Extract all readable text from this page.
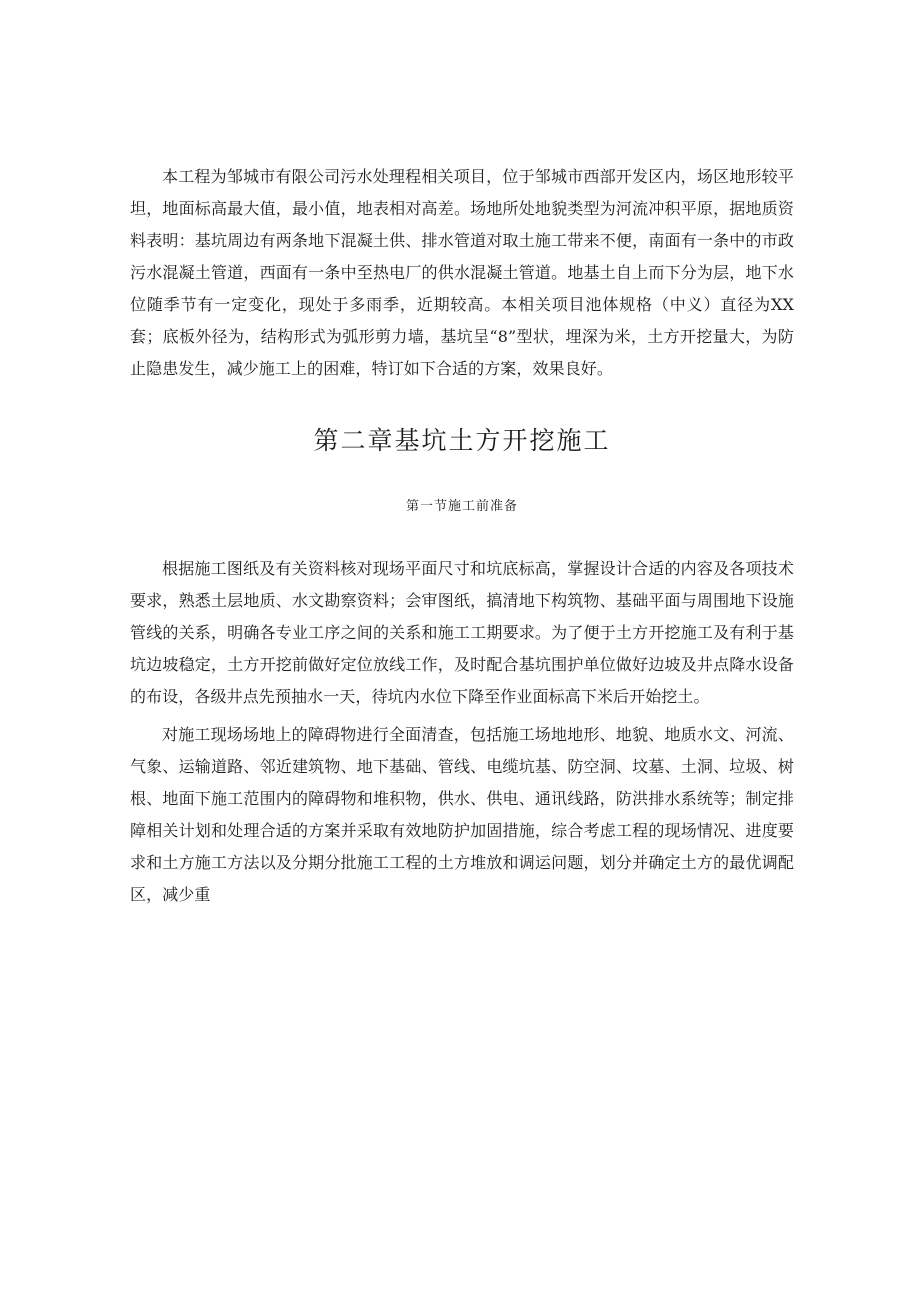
本工程为邹城市有限公司污水处理程相关项目，位于邹城市西部开发区内，场区地形较平坦，地面标高最大值，最小值，地表相对高差。场地所处地貌类型为河流冲积平原，据地质资料表明：基坑周边有两条地下混凝土供、排水管道对取土施工带来不便，南面有一条中的市政污水混凝土管道，西面有一条中至热电厂的供水混凝土管道。地基土自上而下分为层，地下水位随季节有一定变化，现处于多雨季，近期较高。本相关项目池体规格（中义）直径为XX套；底板外径为，结构形式为弧形剪力墙，基坑呈“8”型状，埋深为米，土方开挖量大，为防止隐患发生，减少施工上的困难，特订如下合适的方案，效果良好。

第二章基坑土方开挖施工
第一节施工前准备

根据施工图纸及有关资料核对现场平面尺寸和坑底标高，掌握设计合适的内容及各项技术要求，熟悉土层地质、水文勘察资料；会审图纸，搞清地下构筑物、基础平面与周围地下设施管线的关系，明确各专业工序之间的关系和施工工期要求。为了便于土方开挖施工及有利于基坑边坡稳定，土方开挖前做好定位放线工作，及时配合基坑围护单位做好边坡及井点降水设备的布设，各级井点先预抽水一天，待坑内水位下降至作业面标高下米后开始挖土。

对施工现场场地上的障碍物进行全面清查，包括施工场地地形、地貌、地质水文、河流、气象、运输道路、邻近建筑物、地下基础、管线、电缆坑基、防空洞、坟墓、土洞、垃圾、树根、地面下施工范围内的障碍物和堆积物，供水、供电、通讯线路，防洪排水系统等；制定排障相关计划和处理合适的方案并采取有效地防护加固措施，综合考虑工程的现场情况、进度要求和土方施工方法以及分期分批施工工程的土方堆放和调运问题，划分并确定土方的最优调配区，减少重
